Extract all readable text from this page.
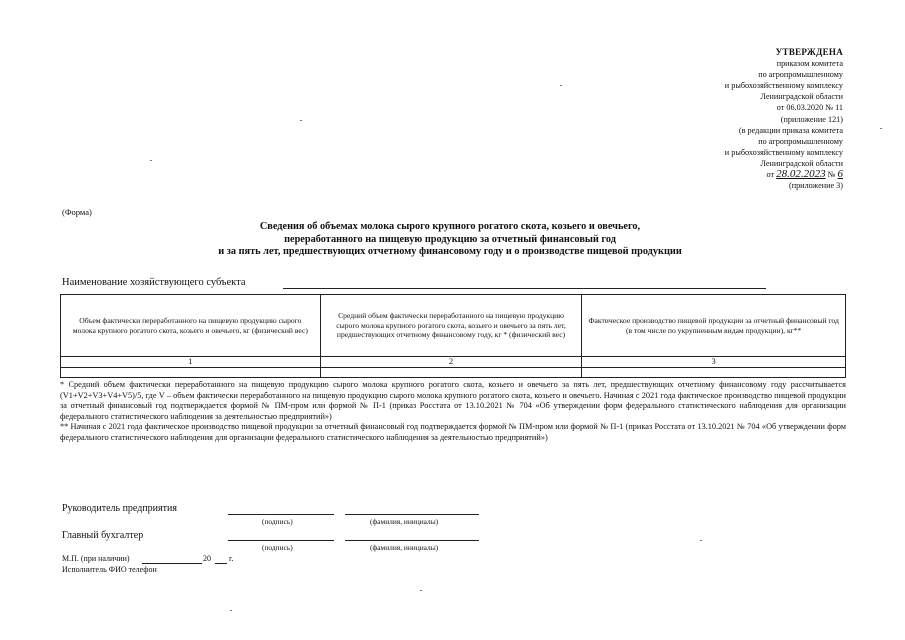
УТВЕРЖДЕНА
приказом комитета
по агропромышленному
и рыбохозяйственному комплексу
Ленинградской области
от 06.03.2020 № 11
(приложение 121)
(в редакции приказа комитета
по агропромышленному
и рыбохозяйственному комплексу
Ленинградской области
от 28.02.2023 № 6
(приложение 3)
(Форма)
Сведения об объемах молока сырого крупного рогатого скота, козьего и овечьего,
переработанного на пищевую продукцию за отчетный финансовый год
и за пять лет, предшествующих отчетному финансовому году и о производстве пищевой продукции
Наименование хозяйствующего субъекта
Объем фактически переработанного на пищевую продукцию сырого молока крупного рогатого скота, козьего и овечьего, кг (физический вес)	Средний объем фактически переработанного на пищевую продукцию сырого молока крупного рогатого скота, козьего и овечьего за пять лет, предшествующих отчетному финансовому году, кг * (физический вес)	Фактическое производство пищевой продукции за отчетный финансовый год (в том числе по укрупненным видам продукции), кг**
1	2	3

* Средний объем фактически переработанного на пищевую продукцию сырого молока крупного рогатого скота, козьего и овечьего за пять лет, предшествующих отчетному финансовому году рассчитывается (V1+V2+V3+V4+V5)/5, где V – объем фактически переработанного на пищевую продукцию сырого молока крупного рогатого скота, козьего и овечьего. Начиная с 2021 года фактическое производство пищевой продукции за отчетный финансовый год подтверждается формой № ПМ-пром или формой № П-1 (приказ Росстата от 13.10.2021 № 704 «Об утверждении форм федерального статистического наблюдения для организации федерального статистического наблюдения за деятельностью предприятий»)

** Начиная с 2021 года фактическое производство пищевой продукции за отчетный финансовый год подтверждается формой № ПМ-пром или формой № П-1 (приказ Росстата от 13.10.2021 № 704 «Об утверждении форм федерального статистического наблюдения для организации федерального статистического наблюдения за деятельностью предприятий»)

Руководитель предприятия
(подпись)	(фамилия, инициалы)
Главный бухгалтер
(подпись)	(фамилия, инициалы)
М.П. (при наличии)	20 г.
Исполнитель ФИО телефон
